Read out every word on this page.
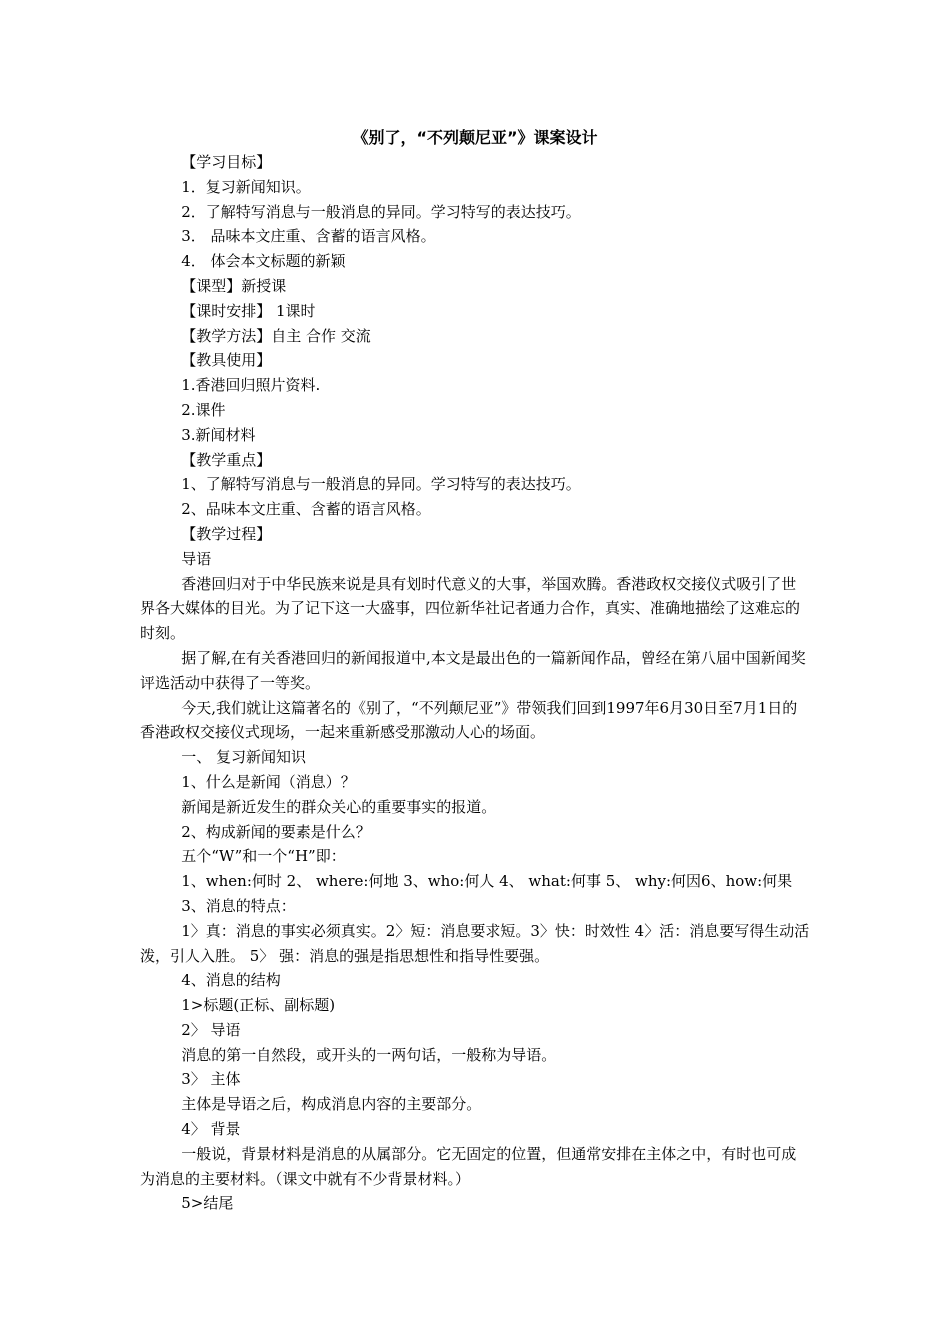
《别了，“不列颠尼亚”》课案设计

【学习目标】

1．复习新闻知识。

2．了解特写消息与一般消息的异同。学习特写的表达技巧。

3． 品味本文庄重、含蓄的语言风格。

4． 体会本文标题的新颖

【课型】新授课

【课时安排】 1课时

【教学方法】自主 合作 交流

【教具使用】

1.香港回归照片资料.

2.课件

3.新闻材料

【教学重点】

1、了解特写消息与一般消息的异同。学习特写的表达技巧。

2、品味本文庄重、含蓄的语言风格。

【教学过程】

导语

香港回归对于中华民族来说是具有划时代意义的大事，举国欢腾。香港政权交接仪式吸引了世界各大媒体的目光。为了记下这一大盛事，四位新华社记者通力合作，真实、准确地描绘了这难忘的时刻。

据了解,在有关香港回归的新闻报道中,本文是最出色的一篇新闻作品，曾经在第八届中国新闻奖评选活动中获得了一等奖。

今天,我们就让这篇著名的《别了，“不列颠尼亚”》带领我们回到1997年6月30日至7月1日的香港政权交接仪式现场，一起来重新感受那激动人心的场面。

一、 复习新闻知识

1、什么是新闻（消息）？

新闻是新近发生的群众关心的重要事实的报道。

2、构成新闻的要素是什么？

五个“W”和一个“H”即：

1、when:何时 2、 where:何地 3、who:何人 4、 what:何事 5、 why:何因6、how:何果

3、消息的特点：

1〉真：消息的事实必须真实。2〉短：消息要求短。3〉快：时效性 4〉活：消息要写得生动活泼，引人入胜。 5〉 强：消息的强是指思想性和指导性要强。

4、消息的结构

1>标题(正标、副标题)

2〉 导语

消息的第一自然段，或开头的一两句话，一般称为导语。

3〉 主体

主体是导语之后，构成消息内容的主要部分。

4〉 背景

一般说，背景材料是消息的从属部分。它无固定的位置，但通常安排在主体之中，有时也可成为消息的主要材料。（课文中就有不少背景材料。）

5>结尾
